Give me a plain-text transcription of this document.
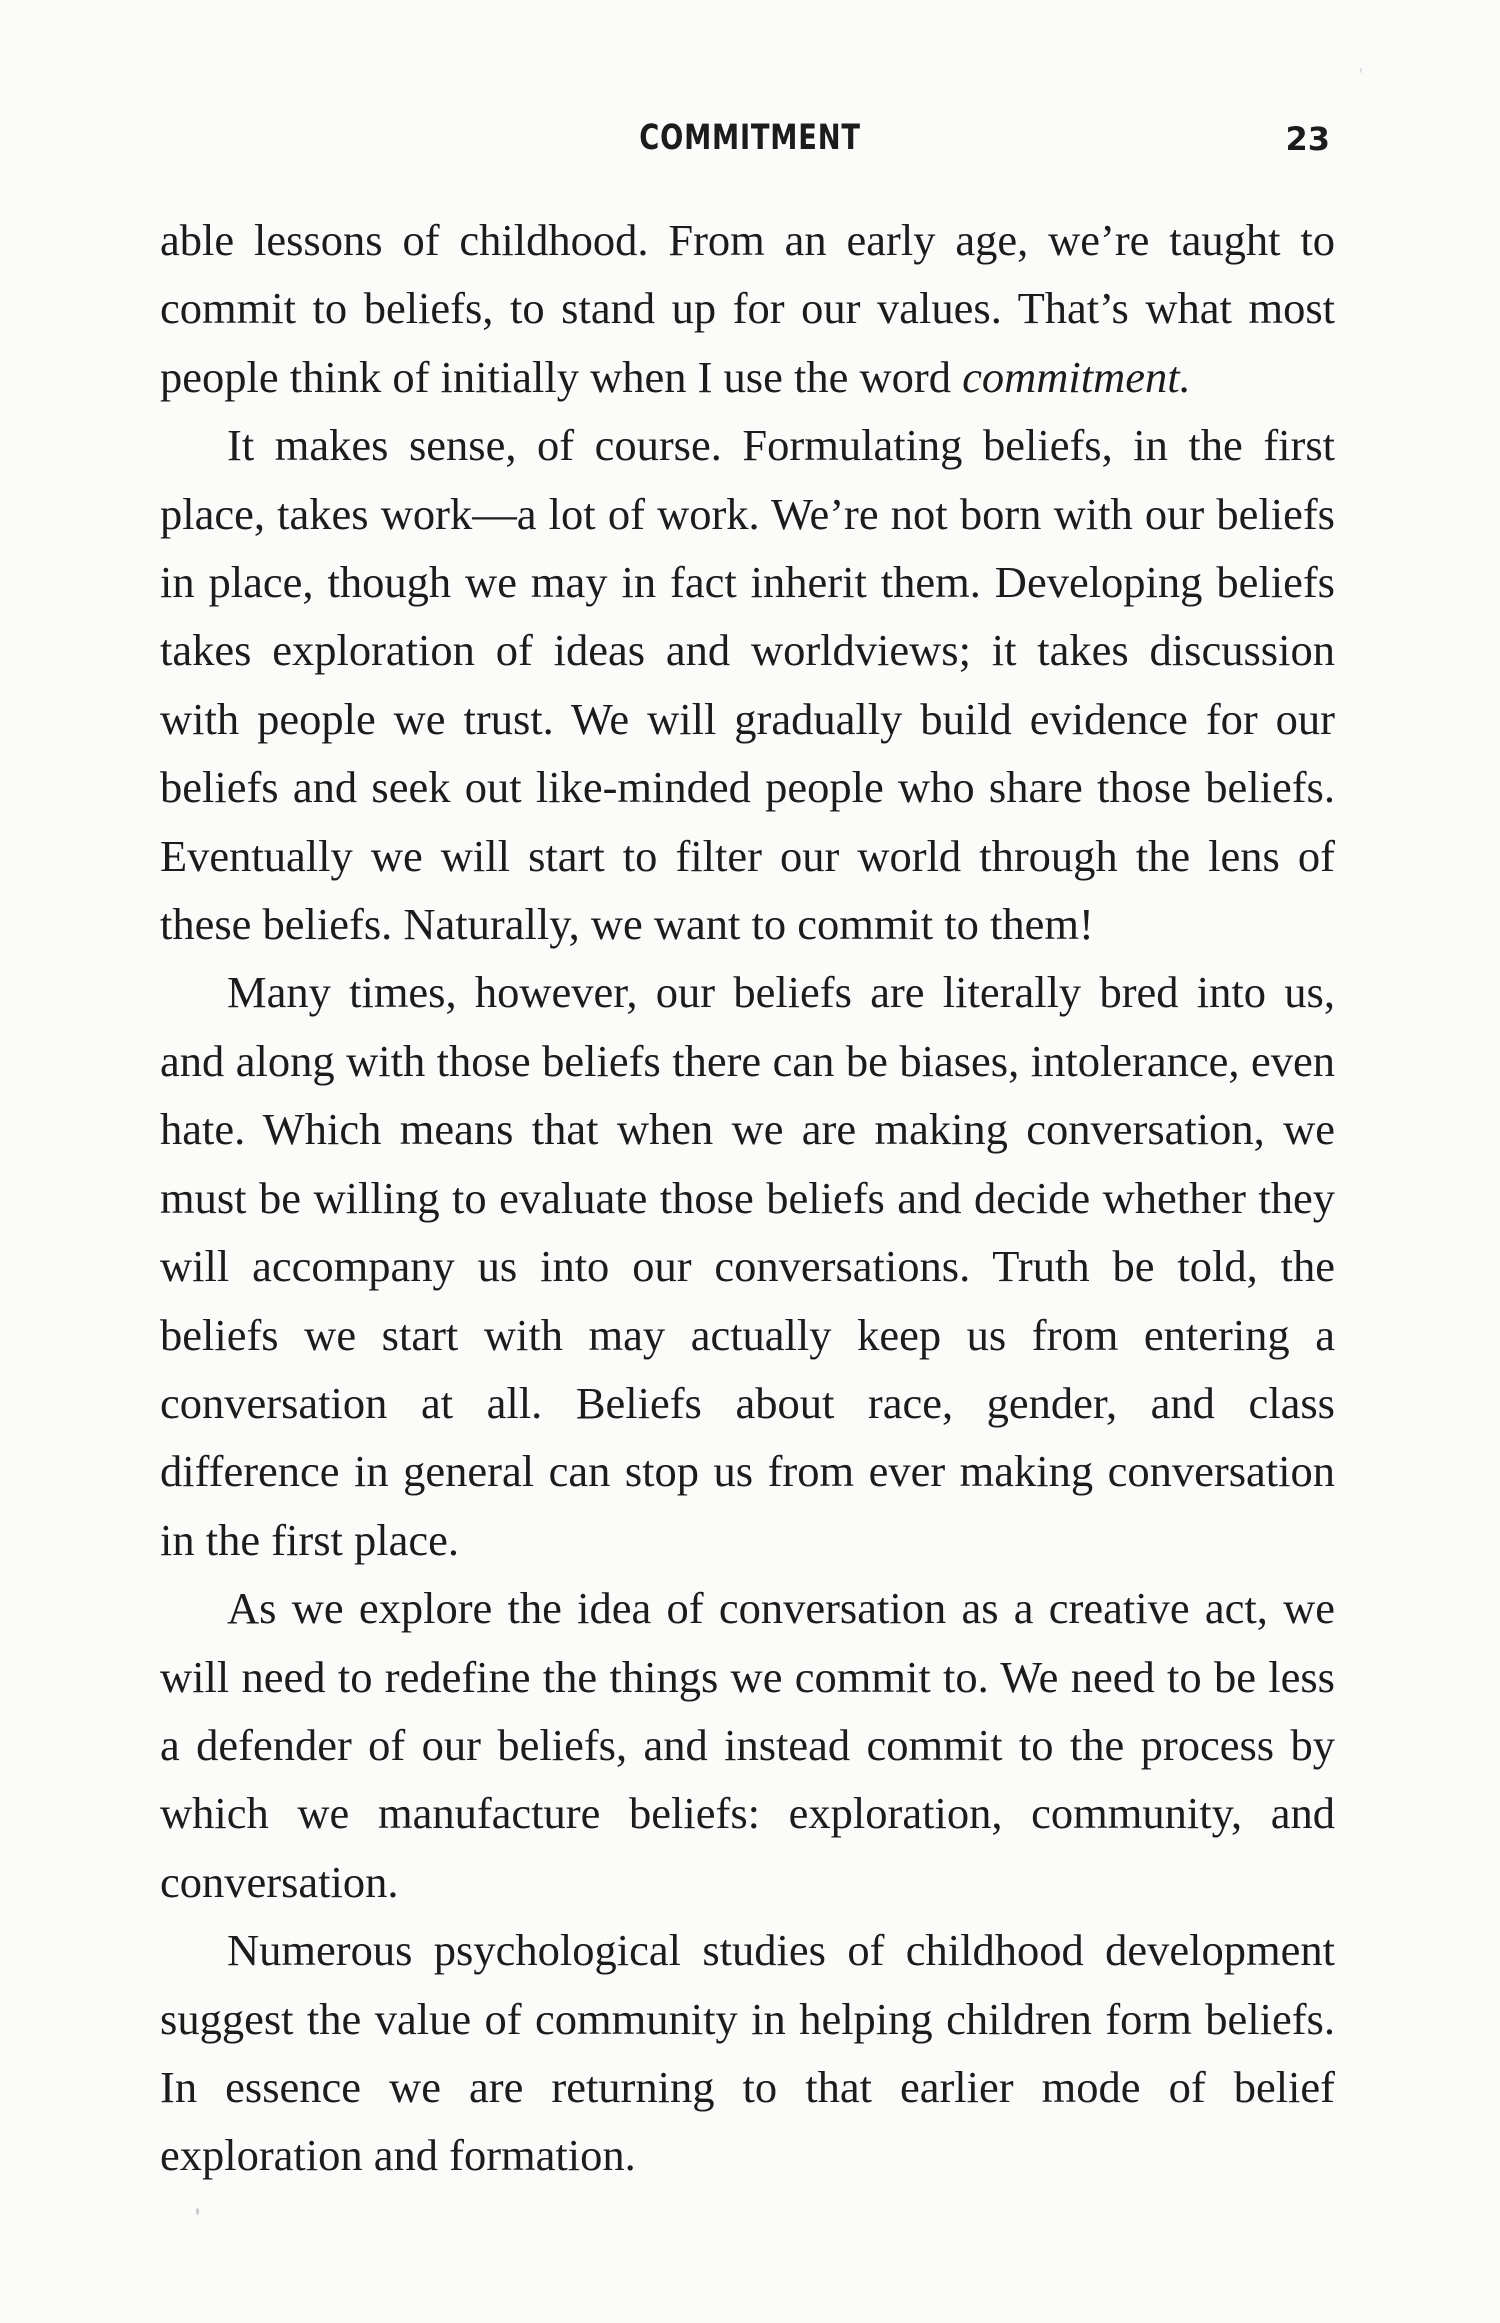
COMMITMENT	23

able lessons of childhood. From an early age, we’re taught to commit to beliefs, to stand up for our values. That’s what most people think of initially when I use the word commitment.

It makes sense, of course. Formulating beliefs, in the first place, takes work—a lot of work. We’re not born with our beliefs in place, though we may in fact inherit them. Developing beliefs takes exploration of ideas and worldviews; it takes discussion with people we trust. We will gradually build evidence for our beliefs and seek out like-minded people who share those beliefs. Eventually we will start to filter our world through the lens of these beliefs. Naturally, we want to commit to them!

Many times, however, our beliefs are literally bred into us, and along with those beliefs there can be biases, intolerance, even hate. Which means that when we are making conversation, we must be willing to evaluate those beliefs and decide whether they will accompany us into our conversations. Truth be told, the beliefs we start with may actually keep us from entering a conversation at all. Beliefs about race, gender, and class difference in general can stop us from ever making conversation in the first place.

As we explore the idea of conversation as a creative act, we will need to redefine the things we commit to. We need to be less a defender of our beliefs, and instead commit to the process by which we manufacture beliefs: exploration, community, and conversation.

Numerous psychological studies of childhood development suggest the value of community in helping children form beliefs. In essence we are returning to that earlier mode of belief exploration and formation.
